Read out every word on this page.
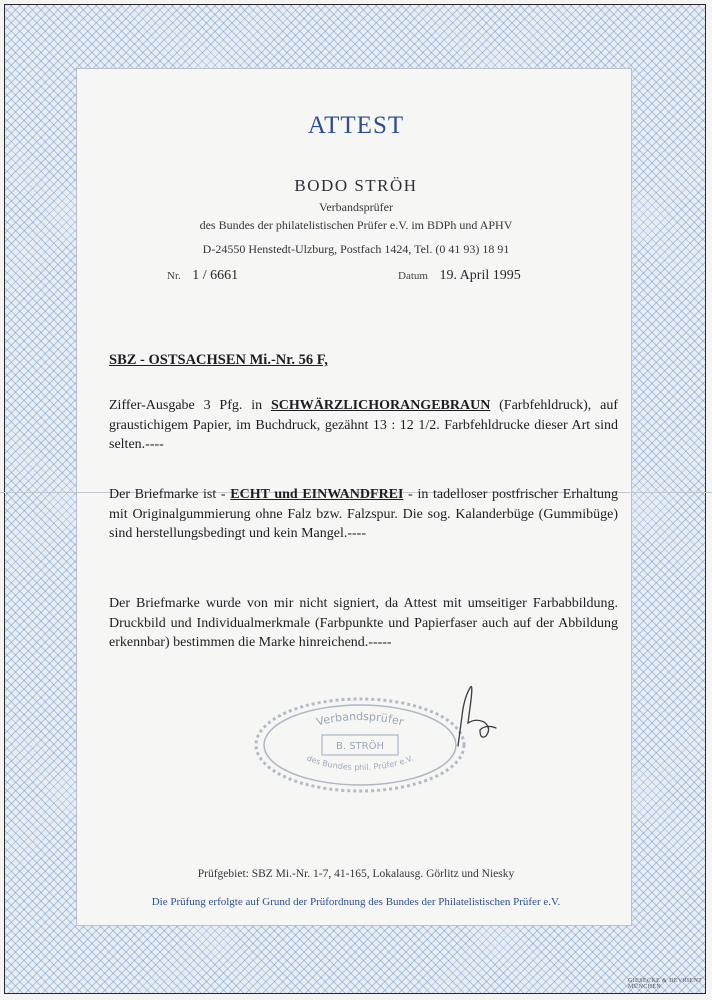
ATTEST
BODO STRÖH
Verbandsprüfer
des Bundes der philatelistischen Prüfer e.V. im BDPh und APHV
D-24550 Henstedt-Ulzburg, Postfach 1424, Tel. (0 41 93) 18 91
Nr. 1 / 6661	Datum 19. April 1995
SBZ - OSTSACHSEN Mi.-Nr. 56 F,
Ziffer-Ausgabe 3 Pfg. in SCHWÄRZLICHORANGEBRAUN (Farbfehldruck), auf graustichigem Papier, im Buchdruck, gezähnt 13 : 12 1/2. Farbfehldrucke dieser Art sind selten.----
Der Briefmarke ist - ECHT und EINWANDFREI - in tadelloser postfrischer Erhaltung mit Originalgummierung ohne Falz bzw. Falzspur. Die sog. Kalanderbüge (Gummibüge) sind herstellungsbedingt und kein Mangel.----
Der Briefmarke wurde von mir nicht signiert, da Attest mit umseitiger Farbabbildung. Druckbild und Individualmerkmale (Farbpunkte und Papierfaser auch auf der Abbildung erkennbar) bestimmen die Marke hinreichend.-----
Verbandsprüfer
B. STRÖH
des Bundes phil. Prüfer e.V.
Ströh
Prüfgebiet: SBZ Mi.-Nr. 1-7, 41-165, Lokalausg. Görlitz und Niesky
Die Prüfung erfolgte auf Grund der Prüfordnung des Bundes der Philatelistischen Prüfer e.V.
GIESECKE & DEVRIENT MÜNCHEN
